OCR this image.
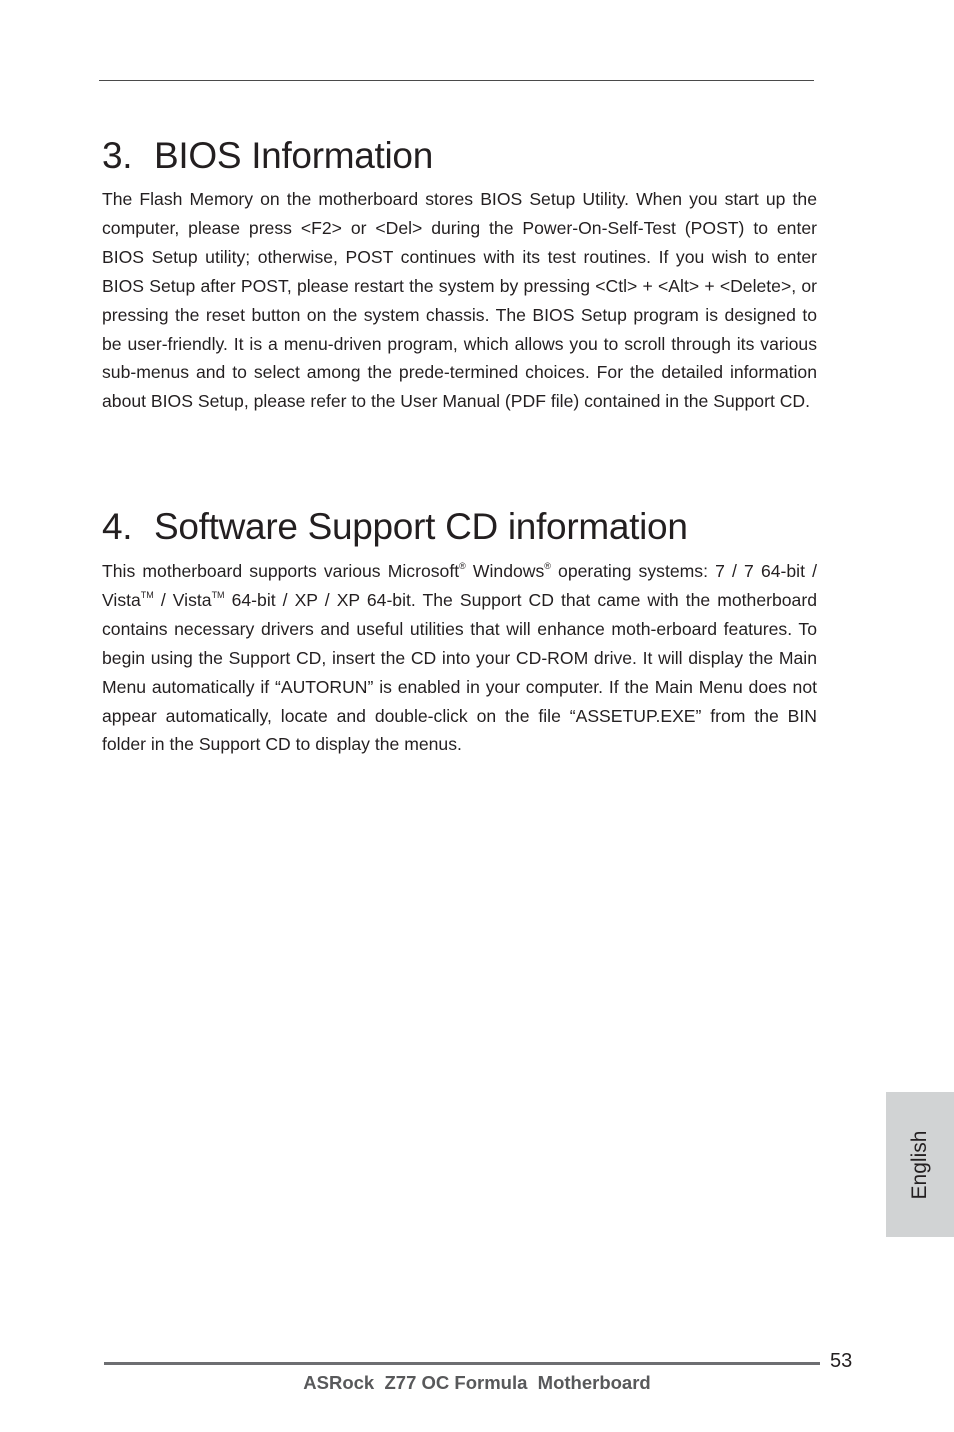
3. BIOS Information

The Flash Memory on the motherboard stores BIOS Setup Utility. When you start up the computer, please press <F2> or <Del> during the Power-On-Self-Test (POST) to enter BIOS Setup utility; otherwise, POST continues with its test routines. If you wish to enter BIOS Setup after POST, please restart the system by pressing <Ctl> + <Alt> + <Delete>, or pressing the reset button on the system chassis. The BIOS Setup program is designed to be user-friendly. It is a menu-driven program, which allows you to scroll through its various sub-menus and to select among the prede-termined choices. For the detailed information about BIOS Setup, please refer to the User Manual (PDF file) contained in the Support CD.

4. Software Support CD information

This motherboard supports various Microsoft® Windows® operating systems: 7 / 7 64-bit / Vista™ / Vista™ 64-bit / XP / XP 64-bit. The Support CD that came with the motherboard contains necessary drivers and useful utilities that will enhance moth-erboard features. To begin using the Support CD, insert the CD into your CD-ROM drive. It will display the Main Menu automatically if “AUTORUN” is enabled in your computer. If the Main Menu does not appear automatically, locate and double-click on the file “ASSETUP.EXE” from the BIN folder in the Support CD to display the menus.

English
53
ASRock  Z77 OC Formula  Motherboard
